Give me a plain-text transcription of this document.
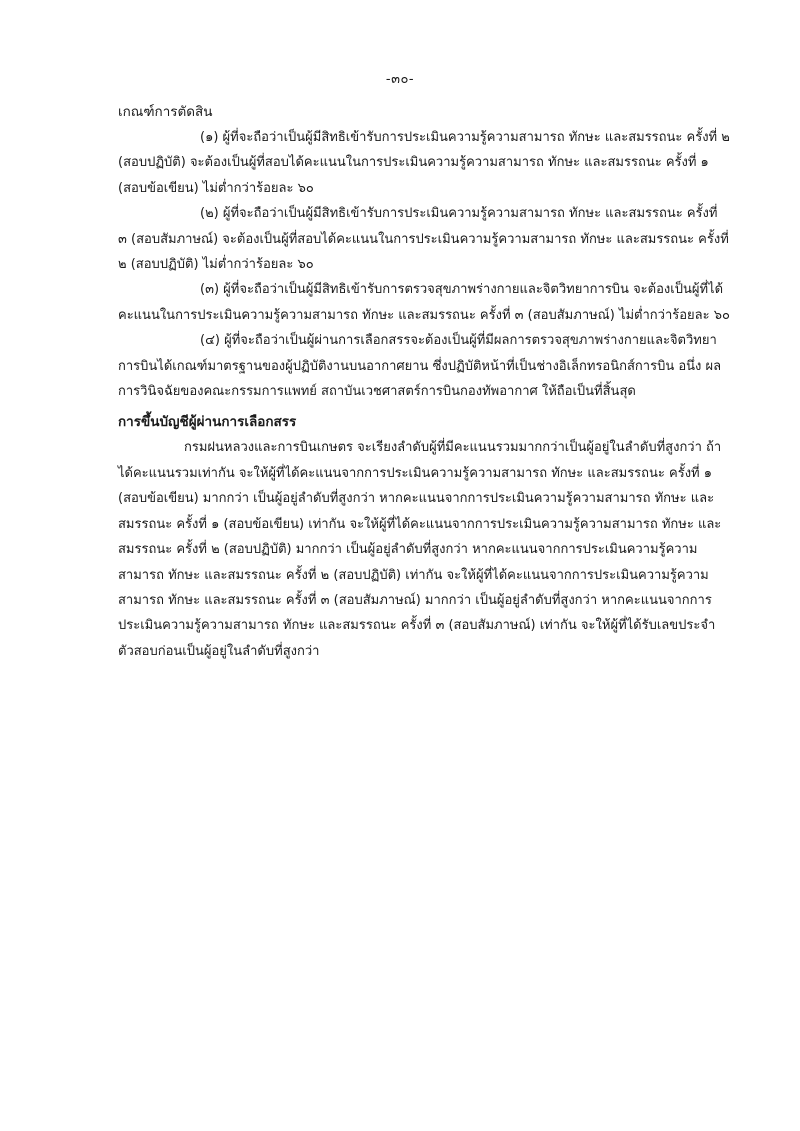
-๓๐-
เกณฑ์การตัดสิน

(๑) ผู้ที่จะถือว่าเป็นผู้มีสิทธิเข้ารับการประเมินความรู้ความสามารถ ทักษะ และสมรรถนะ ครั้งที่ ๒ (สอบปฏิบัติ) จะต้องเป็นผู้ที่สอบได้คะแนนในการประเมินความรู้ความสามารถ ทักษะ และสมรรถนะ ครั้งที่ ๑ (สอบข้อเขียน) ไม่ต่ำกว่าร้อยละ ๖๐

(๒) ผู้ที่จะถือว่าเป็นผู้มีสิทธิเข้ารับการประเมินความรู้ความสามารถ ทักษะ และสมรรถนะ ครั้งที่ ๓ (สอบสัมภาษณ์) จะต้องเป็นผู้ที่สอบได้คะแนนในการประเมินความรู้ความสามารถ ทักษะ และสมรรถนะ ครั้งที่ ๒ (สอบปฏิบัติ) ไม่ต่ำกว่าร้อยละ ๖๐

(๓) ผู้ที่จะถือว่าเป็นผู้มีสิทธิเข้ารับการตรวจสุขภาพร่างกายและจิตวิทยาการบิน จะต้องเป็นผู้ที่ได้คะแนนในการประเมินความรู้ความสามารถ ทักษะ และสมรรถนะ ครั้งที่ ๓ (สอบสัมภาษณ์) ไม่ต่ำกว่าร้อยละ ๖๐

(๔) ผู้ที่จะถือว่าเป็นผู้ผ่านการเลือกสรรจะต้องเป็นผู้ที่มีผลการตรวจสุขภาพร่างกายและจิตวิทยาการบินได้เกณฑ์มาตรฐานของผู้ปฏิบัติงานบนอากาศยาน ซึ่งปฏิบัติหน้าที่เป็นช่างอิเล็กทรอนิกส์การบิน อนึ่ง ผลการวินิจฉัยของคณะกรรมการแพทย์ สถาบันเวชศาสตร์การบินกองทัพอากาศ ให้ถือเป็นที่สิ้นสุด

การขึ้นบัญชีผู้ผ่านการเลือกสรร

กรมฝนหลวงและการบินเกษตร จะเรียงลำดับผู้ที่มีคะแนนรวมมากกว่าเป็นผู้อยู่ในลำดับที่สูงกว่า ถ้าได้คะแนนรวมเท่ากัน จะให้ผู้ที่ได้คะแนนจากการประเมินความรู้ความสามารถ ทักษะ และสมรรถนะ ครั้งที่ ๑ (สอบข้อเขียน) มากกว่า เป็นผู้อยู่ลำดับที่สูงกว่า หากคะแนนจากการประเมินความรู้ความสามารถ ทักษะ และสมรรถนะ ครั้งที่ ๑ (สอบข้อเขียน) เท่ากัน จะให้ผู้ที่ได้คะแนนจากการประเมินความรู้ความสามารถ ทักษะ และสมรรถนะ ครั้งที่ ๒ (สอบปฏิบัติ) มากกว่า เป็นผู้อยู่ลำดับที่สูงกว่า หากคะแนนจากการประเมินความรู้ความสามารถ ทักษะ และสมรรถนะ ครั้งที่ ๒ (สอบปฏิบัติ) เท่ากัน จะให้ผู้ที่ได้คะแนนจากการประเมินความรู้ความสามารถ ทักษะ และสมรรถนะ ครั้งที่ ๓ (สอบสัมภาษณ์) มากกว่า เป็นผู้อยู่ลำดับที่สูงกว่า หากคะแนนจากการประเมินความรู้ความสามารถ ทักษะ และสมรรถนะ ครั้งที่ ๓ (สอบสัมภาษณ์) เท่ากัน จะให้ผู้ที่ได้รับเลขประจำตัวสอบก่อนเป็นผู้อยู่ในลำดับที่สูงกว่า
